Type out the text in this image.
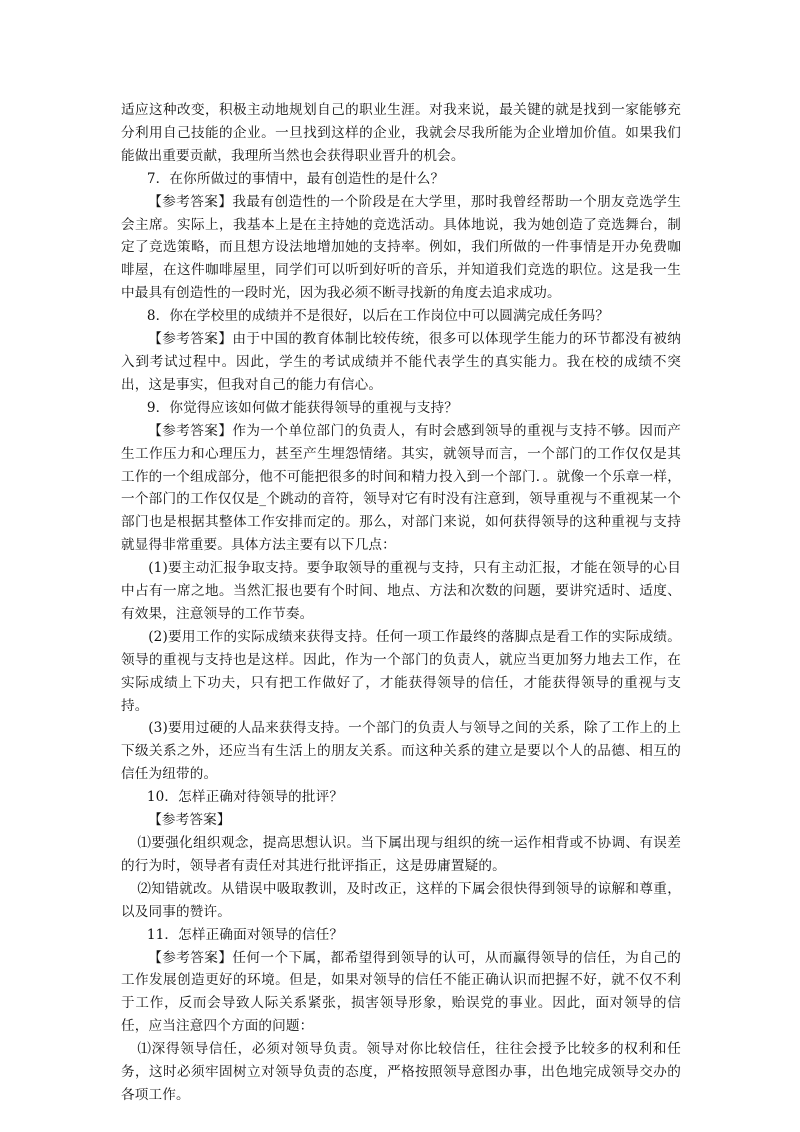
适应这种改变，积极主动地规划自己的职业生涯。对我来说，最关键的就是找到一家能够充分利用自己技能的企业。一旦找到这样的企业，我就会尽我所能为企业增加价值。如果我们能做出重要贡献，我理所当然也会获得职业晋升的机会。

7．在你所做过的事情中，最有创造性的是什么？

【参考答案】我最有创造性的一个阶段是在大学里，那时我曾经帮助一个朋友竞选学生会主席。实际上，我基本上是在主持她的竞选活动。具体地说，我为她创造了竞选舞台，制定了竞选策略，而且想方设法地增加她的支持率。例如，我们所做的一件事情是开办免费咖啡屋，在这件咖啡屋里，同学们可以听到好听的音乐，并知道我们竞选的职位。这是我一生中最具有创造性的一段时光，因为我必须不断寻找新的角度去追求成功。

8．你在学校里的成绩并不是很好，以后在工作岗位中可以圆满完成任务吗？

【参考答案】由于中国的教育体制比较传统，很多可以体现学生能力的环节都没有被纳入到考试过程中。因此，学生的考试成绩并不能代表学生的真实能力。我在校的成绩不突出，这是事实，但我对自己的能力有信心。

9．你觉得应该如何做才能获得领导的重视与支持？

【参考答案】作为一个单位部门的负责人，有时会感到领导的重视与支持不够。因而产生工作压力和心理压力，甚至产生埋怨情绪。其实，就领导而言，一个部门的工作仅仅是其工作的一个组成部分，他不可能把很多的时间和精力投入到一个部门．。就像一个乐章一样，一个部门的工作仅仅是_个跳动的音符，领导对它有时没有注意到，领导重视与不重视某一个部门也是根据其整体工作安排而定的。那么，对部门来说，如何获得领导的这种重视与支持就显得非常重要。具体方法主要有以下几点：

(1)要主动汇报争取支持。要争取领导的重视与支持，只有主动汇报，才能在领导的心目中占有一席之地。当然汇报也要有个时间、地点、方法和次数的问题，要讲究适时、适度、有效果，注意领导的工作节奏。

(2)要用工作的实际成绩来获得支持。任何一项工作最终的落脚点是看工作的实际成绩。领导的重视与支持也是这样。因此，作为一个部门的负责人，就应当更加努力地去工作，在实际成绩上下功夫，只有把工作做好了，才能获得领导的信任，才能获得领导的重视与支持。

(3)要用过硬的人品来获得支持。一个部门的负责人与领导之间的关系，除了工作上的上下级关系之外，还应当有生活上的朋友关系。而这种关系的建立是要以个人的品德、相互的信任为纽带的。

10．怎样正确对待领导的批评？

【参考答案】

⑴要强化组织观念，提高思想认识。当下属出现与组织的统一运作相背或不协调、有误差的行为时，领导者有责任对其进行批评指正，这是毋庸置疑的。

⑵知错就改。从错误中吸取教训，及时改正，这样的下属会很快得到领导的谅解和尊重，以及同事的赞许。

11．怎样正确面对领导的信任？

【参考答案】任何一个下属，都希望得到领导的认可，从而赢得领导的信任，为自己的工作发展创造更好的环境。但是，如果对领导的信任不能正确认识而把握不好，就不仅不利于工作，反而会导致人际关系紧张，损害领导形象，贻误党的事业。因此，面对领导的信任，应当注意四个方面的问题：

⑴深得领导信任，必须对领导负责。领导对你比较信任，往往会授予比较多的权利和任务，这时必须牢固树立对领导负责的态度，严格按照领导意图办事，出色地完成领导交办的各项工作。
